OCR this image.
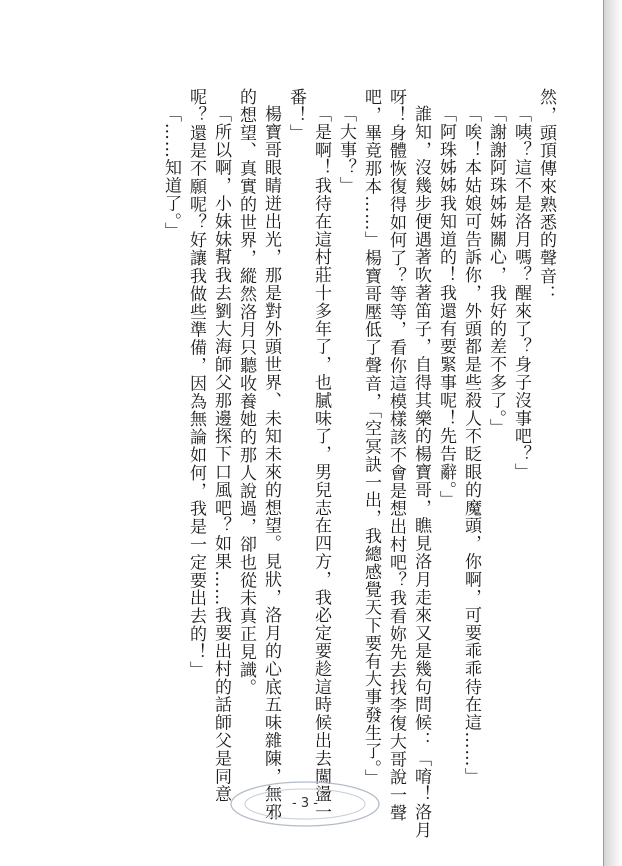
然，頭頂傳來熟悉的聲音：
「咦？這不是洛月嗎？醒來了？身子沒事吧？」
「謝謝阿珠姊姊關心，我好的差不多了。」
「唉！本姑娘可告訴你，外頭都是些殺人不眨眼的魔頭，你啊，可要乖乖待在這……」
「阿珠姊姊我知道的！我還有要緊事呢！先告辭。」
誰知，沒幾步便遇著吹著笛子，自得其樂的楊寶哥，瞧見洛月走來又是幾句問候：「唷！洛月
呀！身體恢復得如何了？等等，看你這模樣該不會是想出村吧？我看妳先去找李復大哥說一聲
吧，畢竟那本……」楊寶哥壓低了聲音，「空冥訣一出，我總感覺天下要有大事發生了。」
「大事？」
「是啊！我待在這村莊十多年了，也膩味了，男兒志在四方，我必定要趁這時候出去闖盪一
番！」
楊寶哥眼睛迸出光，那是對外頭世界、未知未來的想望。見狀，洛月的心底五味雜陳，無邪
的想望、真實的世界，縱然洛月只聽收養她的那人說過，卻也從未真正見識。
「所以啊，小妹妹幫我去劉大海師父那邊探下口風吧？如果……我要出村的話師父是同意
呢？還是不願呢？好讓我做些準備，因為無論如何，我是一定要出去的！」
「……知道了。」
- 3 -
